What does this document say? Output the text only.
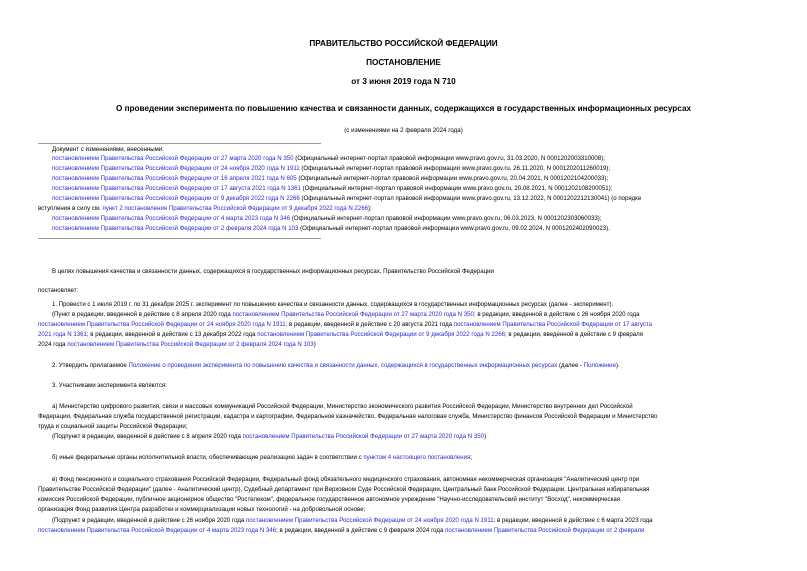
ПРАВИТЕЛЬСТВО РОССИЙСКОЙ ФЕДЕРАЦИИ
ПОСТАНОВЛЕНИЕ
от 3 июня 2019 года N 710
О проведении эксперимента по повышению качества и связанности данных, содержащихся в государственных информационных ресурсах
(с изменениями на 2 февраля 2024 года)
Документ с изменениями, внесенными:
постановлением Правительства Российской Федерации от 27 марта 2020 года N 350 (Официальный интернет-портал правовой информации www.pravo.gov.ru, 31.03.2020, N 0001202003310008);
постановлением Правительства Российской Федерации от 24 ноября 2020 года N 1911 (Официальный интернет-портал правовой информации www.pravo.gov.ru, 26.11.2020, N 0001202011260019);
постановлением Правительства Российской Федерации от 16 апреля 2021 года N 605 (Официальный интернет-портал правовой информации www.pravo.gov.ru, 20.04.2021, N 0001202104200033);
постановлением Правительства Российской Федерации от 17 августа 2021 года N 1361 (Официальный интернет-портал правовой информации www.pravo.gov.ru, 20.08.2021, N 0001202108200051);
постановлением Правительства Российской Федерации от 9 декабря 2022 года N 2266 (Официальный интернет-портал правовой информации www.pravo.gov.ru, 13.12.2022, N 0001202212130041) (о порядке
вступления в силу см. пункт 2 постановления Правительства Российской Федерации от 9 декабря 2022 года N 2266);
постановлением Правительства Российской Федерации от 4 марта 2023 года N 346 (Официальный интернет-портал правовой информации www.pravo.gov.ru, 06.03.2023, N 0001202303060033);
постановлением Правительства Российской Федерации от 2 февраля 2024 года N 103 (Официальный интернет-портал правовой информации www.pravo.gov.ru, 09.02.2024, N 0001202402090023).
В целях повышения качества и связанности данных, содержащихся в государственных информационных ресурсах, Правительство Российской Федерации
постановляет:
1. Провести с 1 июля 2019 г. по 31 декабря 2025 г. эксперимент по повышению качества и связанности данных, содержащихся в государственных информационных ресурсах (далее - эксперимент).
(Пункт в редакции, введенной в действие с 8 апреля 2020 года постановлением Правительства Российской Федерации от 27 марта 2020 года N 350; в редакции, введенной в действие с 26 ноября 2020 года
постановлением Правительства Российской Федерации от 24 ноября 2020 года N 1911; в редакции, введенной в действие с 20 августа 2021 года постановлением Правительства Российской Федерации от 17 августа
2021 года N 1361; в редакции, введенной в действие с 13 декабря 2022 года постановлением Правительства Российской Федерации от 9 декабря 2022 года N 2266; в редакции, введенной в действие с 9 февраля
2024 года постановлением Правительства Российской Федерации от 2 февраля 2024 года N 103)
2. Утвердить прилагаемое Положение о проведении эксперимента по повышению качества и связанности данных, содержащихся в государственных информационных ресурсах (далее - Положение).
3. Участниками эксперимента являются:
а) Министерство цифрового развития, связи и массовых коммуникаций Российской Федерации, Министерство экономического развития Российской Федерации, Министерство внутренних дел Российской
Федерации, Федеральная служба государственной регистрации, кадастра и картографии, Федеральное казначейство, Федеральная налоговая служба, Министерство финансов Российской Федерации и Министерство
труда и социальной защиты Российской Федерации;
(Подпункт в редакции, введенной в действие с 8 апреля 2020 года постановлением Правительства Российской Федерации от 27 марта 2020 года N 350)
б) иные федеральные органы исполнительной власти, обеспечивающие реализацию задач в соответствии с пунктом 4 настоящего постановления;
в) Фонд пенсионного и социального страхования Российской Федерации, Федеральный фонд обязательного медицинского страхования, автономная некоммерческая организация "Аналитический центр при
Правительстве Российской Федерации" (далее - Аналитический центр), Судебный департамент при Верховном Суде Российской Федерации, Центральный банк Российской Федерации, Центральная избирательная
комиссия Российской Федерации, публичное акционерное общество "Ростелеком", федеральное государственное автономное учреждение "Научно-исследовательский институт "Восход", некоммерческая
организация Фонд развития Центра разработки и коммерциализации новых технологий - на добровольной основе;
(Подпункт в редакции, введенной в действие с 26 ноября 2020 года постановлением Правительства Российской Федерации от 24 ноября 2020 года N 1911; в редакции, введенной в действие с 6 марта 2023 года
постановлением Правительства Российской Федерации от 4 марта 2023 года N 346; в редакции, введенной в действие с 9 февраля 2024 года постановлением Правительства Российской Федерации от 2 февраля
